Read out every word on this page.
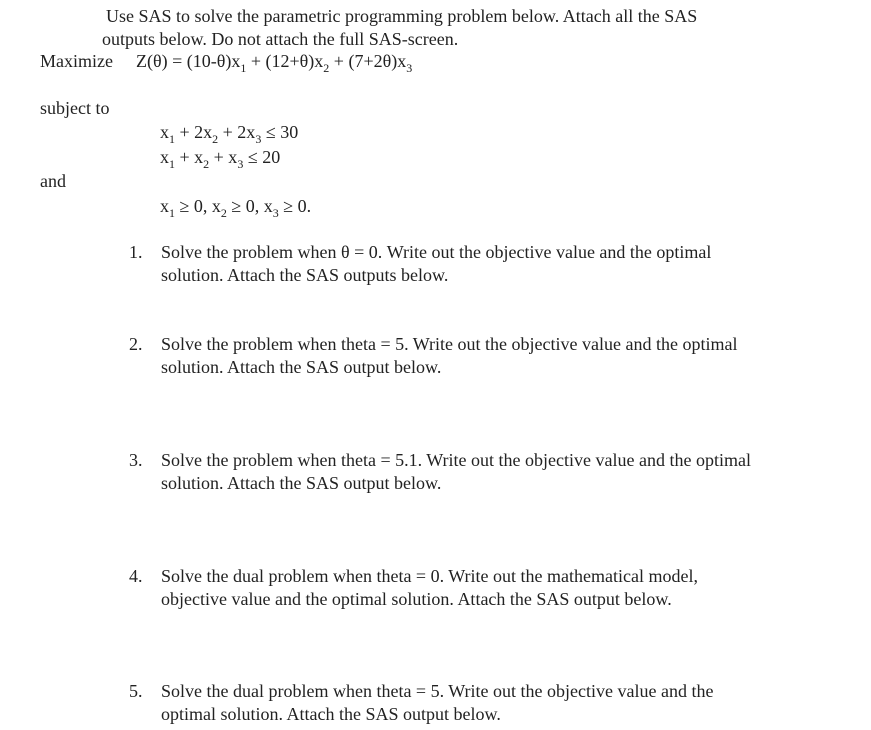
Use SAS to solve the parametric programming problem below. Attach all the SAS
outputs below. Do not attach the full SAS-screen.
Maximize $Z(\theta) = (10-\theta)x_1 + (12+\theta)x_2 + (7+2\theta)x_3$
subject to
$x_1 + 2x_2 + 2x_3 \le 30$
$x_1 + x_2 + x_3 \le 20$
and
$x_1 \ge 0$, $x_2 \ge 0$, $x_3 \ge 0$.
1.	Solve the problem when θ = 0. Write out the objective value and the optimal
solution. Attach the SAS outputs below.
2.	Solve the problem when theta = 5. Write out the objective value and the optimal
solution. Attach the SAS output below.
3.	Solve the problem when theta = 5.1. Write out the objective value and the optimal
solution. Attach the SAS output below.
4.	Solve the dual problem when theta = 0. Write out the mathematical model,
objective value and the optimal solution. Attach the SAS output below.
5.	Solve the dual problem when theta = 5. Write out the objective value and the
optimal solution. Attach the SAS output below.
